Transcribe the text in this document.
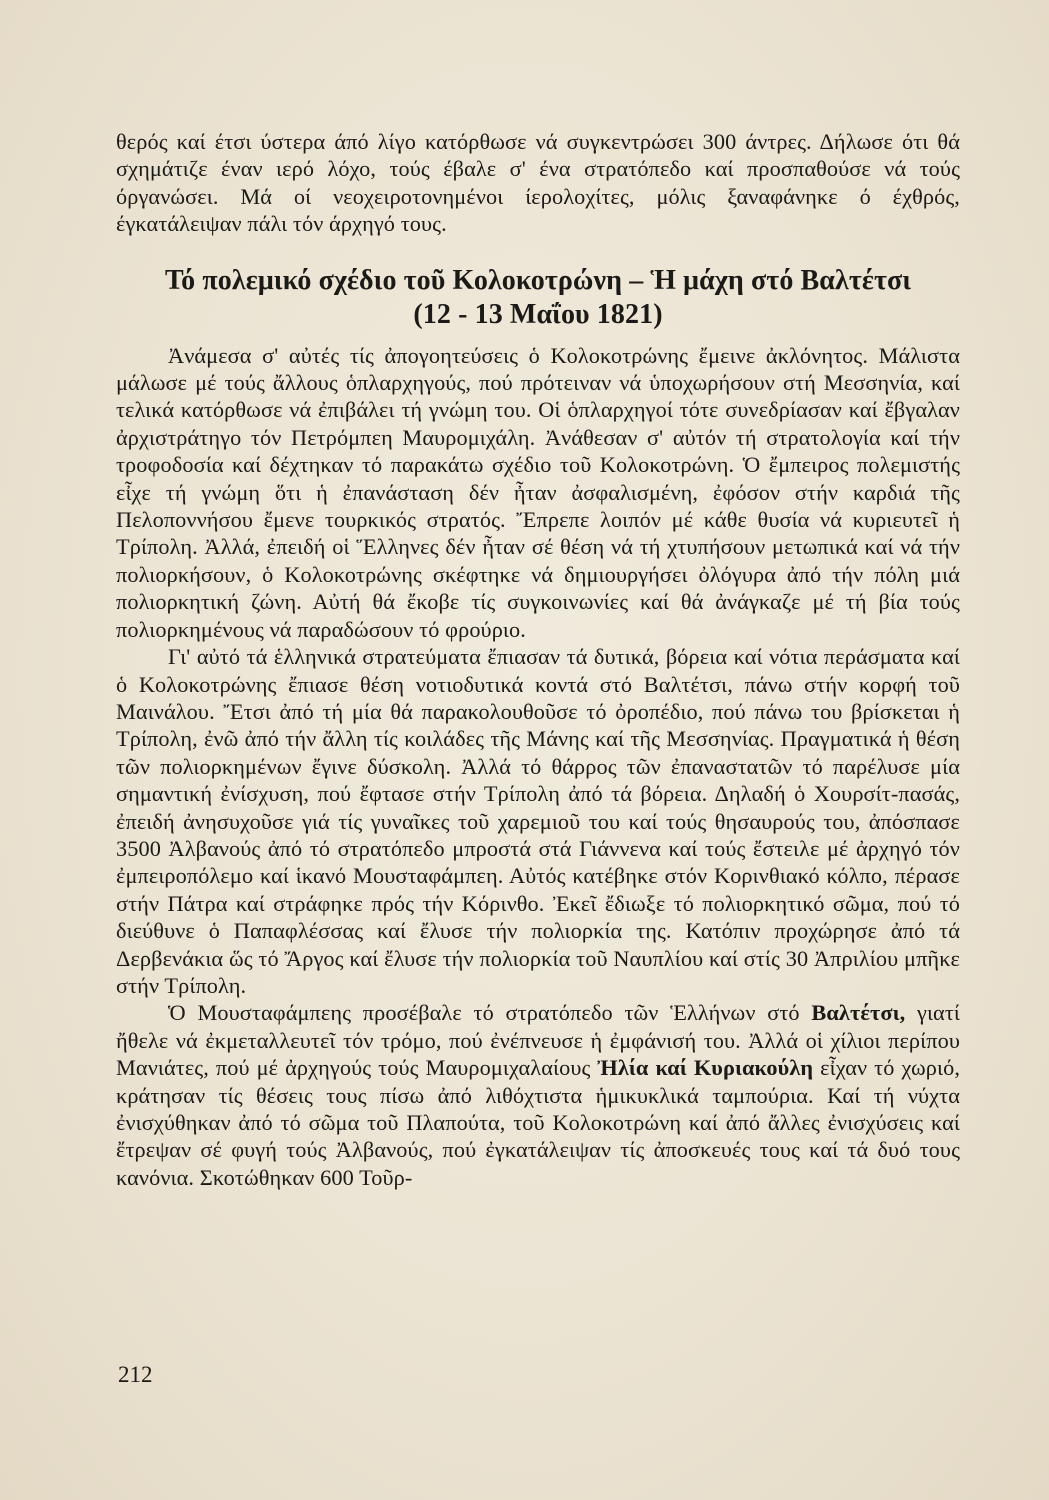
θερός καί έτσι ύστερα άπό λίγο κατόρθωσε νά συγκεντρώσει 300 άντρες. Δήλωσε ότι θά σχημάτιζε έναν ιερό λόχο, τούς έβαλε σ' ένα στρατόπεδο καί προσπαθούσε νά τούς όργανώσει. Μά οί νεοχειροτονημένοι ίερολοχίτες, μόλις ξαναφάνηκε ό έχθρός, έγκατάλειψαν πάλι τόν άρχηγό τους.

Τό πολεμικό σχέδιο τοῦ Κολοκοτρώνη – Ἡ μάχη στό Βαλτέτσι
(12 - 13 Μαΐου 1821)

Ἀνάμεσα σ' αὐτές τίς ἀπογοητεύσεις ὁ Κολοκοτρώνης ἔμεινε ἀκλόνητος. Μάλιστα μάλωσε μέ τούς ἄλλους ὁπλαρχηγούς, πού πρότειναν νά ὑποχωρήσουν στή Μεσσηνία, καί τελικά κατόρθωσε νά ἐπιβάλει τή γνώμη του. Οἱ ὁπλαρχηγοί τότε συνεδρίασαν καί ἔβγαλαν ἀρχιστράτηγο τόν Πετρόμπεη Μαυρομιχάλη. Ἀνάθεσαν σ' αὐτόν τή στρατολογία καί τήν τροφοδοσία καί δέχτηκαν τό παρακάτω σχέδιο τοῦ Κολοκοτρώνη. Ὁ ἔμπειρος πολεμιστής εἶχε τή γνώμη ὅτι ἡ ἐπανάσταση δέν ἦταν ἀσφαλισμένη, ἐφόσον στήν καρδιά τῆς Πελοποννήσου ἔμενε τουρκικός στρατός. Ἔπρεπε λοιπόν μέ κάθε θυσία νά κυριευτεῖ ἡ Τρίπολη. Ἀλλά, ἐπειδή οἱ Ἕλληνες δέν ἦταν σέ θέση νά τή χτυπήσουν μετωπικά καί νά τήν πολιορκήσουν, ὁ Κολοκοτρώνης σκέφτηκε νά δημιουργήσει ὀλόγυρα ἀπό τήν πόλη μιά πολιορκητική ζώνη. Αὐτή θά ἔκοβε τίς συγκοινωνίες καί θά ἀνάγκαζε μέ τή βία τούς πολιορκημένους νά παραδώσουν τό φρούριο.

Γι' αὐτό τά ἑλληνικά στρατεύματα ἔπιασαν τά δυτικά, βόρεια καί νότια περάσματα καί ὁ Κολοκοτρώνης ἔπιασε θέση νοτιοδυτικά κοντά στό Βαλτέτσι, πάνω στήν κορφή τοῦ Μαινάλου. Ἔτσι ἀπό τή μία θά παρακολουθοῦσε τό ὀροπέδιο, πού πάνω του βρίσκεται ἡ Τρίπολη, ἐνῶ ἀπό τήν ἄλλη τίς κοιλάδες τῆς Μάνης καί τῆς Μεσσηνίας. Πραγματικά ἡ θέση τῶν πολιορκημένων ἔγινε δύσκολη. Ἀλλά τό θάρρος τῶν ἐπαναστατῶν τό παρέλυσε μία σημαντική ἐνίσχυση, πού ἔφτασε στήν Τρίπολη ἀπό τά βόρεια. Δηλαδή ὁ Χουρσίτ-πασάς, ἐπειδή ἀνησυχοῦσε γιά τίς γυναῖκες τοῦ χαρεμιοῦ του καί τούς θησαυρούς του, ἀπόσπασε 3500 Ἀλβανούς ἀπό τό στρατόπεδο μπροστά στά Γιάννενα καί τούς ἔστειλε μέ ἀρχηγό τόν ἐμπειροπόλεμο καί ἱκανό Μουσταφάμπεη. Αὐτός κατέβηκε στόν Κορινθιακό κόλπο, πέρασε στήν Πάτρα καί στράφηκε πρός τήν Κόρινθο. Ἐκεῖ ἔδιωξε τό πολιορκητικό σῶμα, πού τό διεύθυνε ὁ Παπαφλέσσας καί ἔλυσε τήν πολιορκία της. Κατόπιν προχώρησε ἀπό τά Δερβενάκια ὥς τό Ἄργος καί ἔλυσε τήν πολιορκία τοῦ Ναυπλίου καί στίς 30 Ἀπριλίου μπῆκε στήν Τρίπολη.

Ὁ Μουσταφάμπεης προσέβαλε τό στρατόπεδο τῶν Ἑλλήνων στό Βαλτέτσι, γιατί ἤθελε νά ἐκμεταλλευτεῖ τόν τρόμο, πού ἐνέπνευσε ἡ ἐμφάνισή του. Ἀλλά οἱ χίλιοι περίπου Μανιάτες, πού μέ ἀρχηγούς τούς Μαυρομιχαλαίους Ἠλία καί Κυριακούλη εἶχαν τό χωριό, κράτησαν τίς θέσεις τους πίσω ἀπό λιθόχτιστα ἡμικυκλικά ταμπούρια. Καί τή νύχτα ἐνισχύθηκαν ἀπό τό σῶμα τοῦ Πλαπούτα, τοῦ Κολοκοτρώνη καί ἀπό ἄλλες ἐνισχύσεις καί ἔτρεψαν σέ φυγή τούς Ἀλβανούς, πού ἐγκατάλειψαν τίς ἀποσκευές τους καί τά δυό τους κανόνια. Σκοτώθηκαν 600 Τοῦρ-

212
